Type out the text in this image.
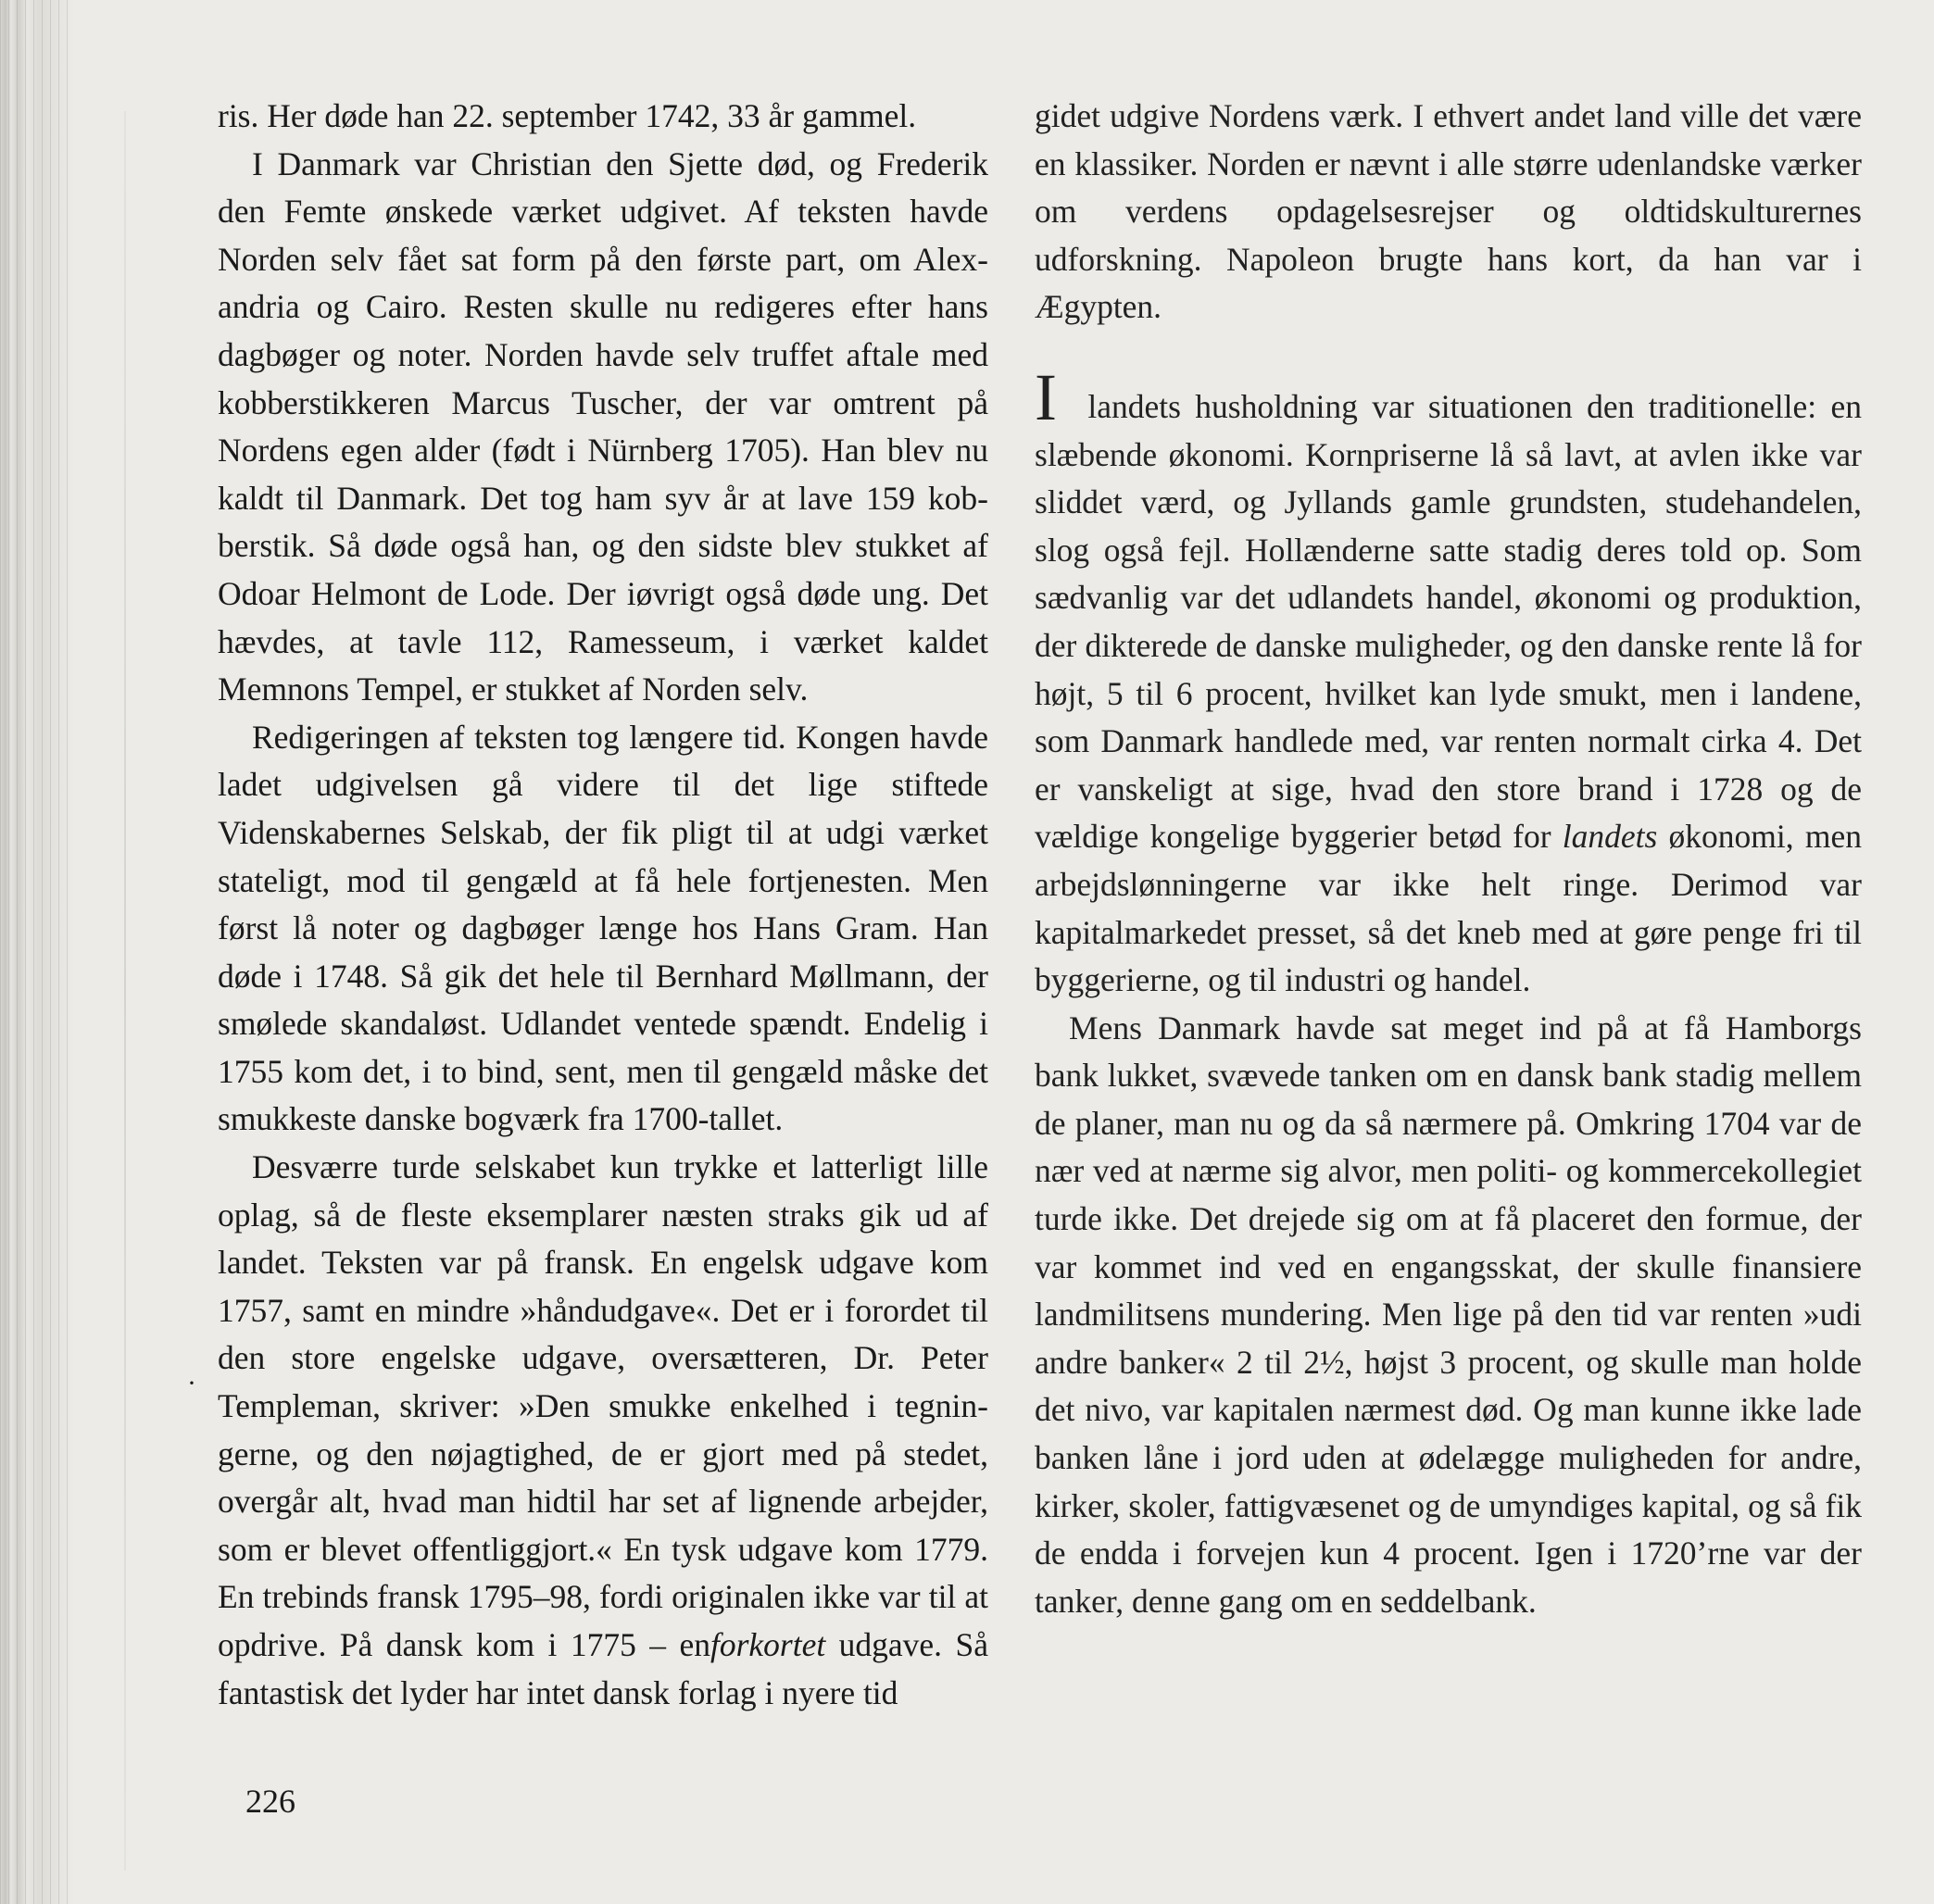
ris. Her døde han 22. september 1742, 33 år gammel.

I Danmark var Christian den Sjette død, og Frederik den Femte ønskede værket udgivet. Af teksten havde Norden selv fået sat form på den første part, om Alexandria og Cairo. Resten skulle nu redigeres efter hans dagbøger og noter. Norden havde selv truffet aftale med kobberstikkeren Marcus Tuscher, der var omtrent på Nordens egen alder (født i Nürnberg 1705). Han blev nu kaldt til Danmark. Det tog ham syv år at lave 159 kobberstik. Så døde også han, og den sidste blev stukket af Odoar Helmont de Lode. Der iøvrigt også døde ung. Det hævdes, at tavle 112, Ramesseum, i værket kaldet Memnons Tempel, er stukket af Norden selv.

Redigeringen af teksten tog længere tid. Kongen havde ladet udgivelsen gå videre til det lige stiftede Videnskabernes Selskab, der fik pligt til at udgi værket stateligt, mod til gengæld at få hele fortjenesten. Men først lå noter og dagbøger længe hos Hans Gram. Han døde i 1748. Så gik det hele til Bernhard Møllmann, der smølede skandaløst. Udlandet ventede spændt. Endelig i 1755 kom det, i to bind, sent, men til gengæld måske det smukkeste danske bogværk fra 1700-tallet.

Desværre turde selskabet kun trykke et latterligt lille oplag, så de fleste eksemplarer næsten straks gik ud af landet. Teksten var på fransk. En engelsk udgave kom 1757, samt en mindre »håndudgave«. Det er i forordet til den store engelske udgave, oversætteren, Dr. Peter Templeman, skriver: »Den smukke enkelhed i tegningerne, og den nøjagtighed, de er gjort med på stedet, overgår alt, hvad man hidtil har set af lignende arbejder, som er blevet offentliggjort.« En tysk udgave kom 1779. En trebinds fransk 1795–98, fordi originalen ikke var til at opdrive. På dansk kom i 1775 – enforkortet udgave. Så fantastisk det lyder har intet dansk forlag i nyere tid

·

gidet udgive Nordens værk. I ethvert andet land ville det være en klassiker. Norden er nævnt i alle større udenlandske værker om verdens opdagelsesrejser og oldtidskulturernes udforskning. Napoleon brugte hans kort, da han var i Ægypten.

I landets husholdning var situationen den traditionelle: en slæbende økonomi. Kornpriserne lå så lavt, at avlen ikke var sliddet værd, og Jyllands gamle grundsten, studehandelen, slog også fejl. Hollænderne satte stadig deres told op. Som sædvanlig var det udlandets handel, økonomi og produktion, der dikterede de danske muligheder, og den danske rente lå for højt, 5 til 6 procent, hvilket kan lyde smukt, men i landene, som Danmark handlede med, var renten normalt cirka 4. Det er vanskeligt at sige, hvad den store brand i 1728 og de vældige kongelige byggerier betød for landets økonomi, men arbejdslønningerne var ikke helt ringe. Derimod var kapitalmarkedet presset, så det kneb med at gøre penge fri til byggerierne, og til industri og handel.

Mens Danmark havde sat meget ind på at få Hamborgs bank lukket, svævede tanken om en dansk bank stadig mellem de planer, man nu og da så nærmere på. Omkring 1704 var de nær ved at nærme sig alvor, men politi- og kommercekollegiet turde ikke. Det drejede sig om at få placeret den formue, der var kommet ind ved en engangsskat, der skulle finansiere landmilitsens mundering. Men lige på den tid var renten »udi andre banker« 2 til 2½, højst 3 procent, og skulle man holde det nivo, var kapitalen nærmest død. Og man kunne ikke lade banken låne i jord uden at ødelægge muligheden for andre, kirker, skoler, fattigvæsenet og de umyndiges kapital, og så fik de endda i forvejen kun 4 procent. Igen i 1720’rne var der tanker, denne gang om en seddelbank.

226
